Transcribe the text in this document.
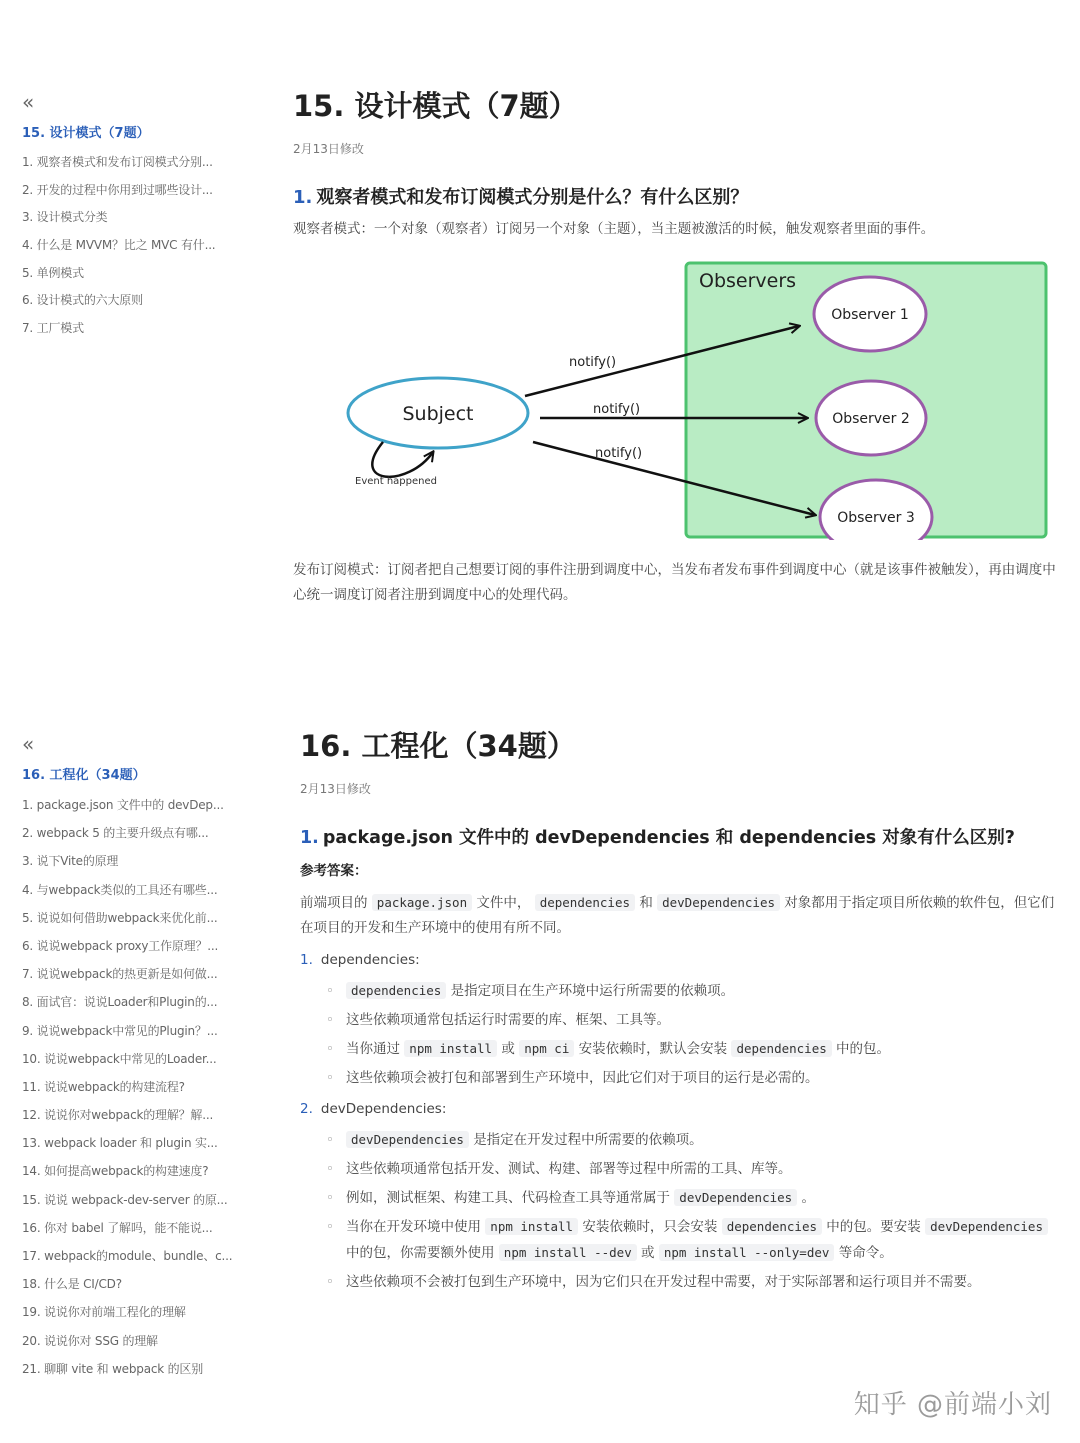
«
15. 设计模式（7题）
1. 观察者模式和发布订阅模式分别...
2. 开发的过程中你用到过哪些设计...
3. 设计模式分类
4. 什么是 MVVM？比之 MVC 有什...
5. 单例模式
6. 设计模式的六大原则
7. 工厂模式
15. 设计模式（7题）
2月13日修改
1. 观察者模式和发布订阅模式分别是什么？有什么区别？

观察者模式：一个对象（观察者）订阅另一个对象（主题），当主题被激活的时候，触发观察者里面的事件。

Observers
Observer 1
Observer 2
Observer 3
Subject
Event happened
notify()
notify()
notify()

发布订阅模式：订阅者把自己想要订阅的事件注册到调度中心，当发布者发布事件到调度中心（就是该事件被触发），再由调度中心统一调度订阅者注册到调度中心的处理代码。

«
16. 工程化（34题）
1. package.json 文件中的 devDep...
2. webpack 5 的主要升级点有哪...
3. 说下Vite的原理
4. 与webpack类似的工具还有哪些...
5. 说说如何借助webpack来优化前...
6. 说说webpack proxy工作原理？...
7. 说说webpack的热更新是如何做...
8. 面试官：说说Loader和Plugin的...
9. 说说webpack中常见的Plugin？...
10. 说说webpack中常见的Loader...
11. 说说webpack的构建流程?
12. 说说你对webpack的理解？解...
13. webpack loader 和 plugin 实...
14. 如何提高webpack的构建速度?
15. 说说 webpack-dev-server 的原...
16. 你对 babel 了解吗，能不能说...
17. webpack的module、bundle、c...
18. 什么是 CI/CD?
19. 说说你对前端工程化的理解
20. 说说你对 SSG 的理解
21. 聊聊 vite 和 webpack 的区别
16. 工程化（34题）
2月13日修改
1. package.json 文件中的 devDependencies 和 dependencies 对象有什么区别?

参考答案：

前端项目的 package.json 文件中， dependencies 和 devDependencies 对象都用于指定项目所依赖的软件包，但它们在项目的开发和生产环境中的使用有所不同。

1. dependencies:
◦ dependencies 是指定项目在生产环境中运行所需要的依赖项。
◦ 这些依赖项通常包括运行时需要的库、框架、工具等。
◦ 当你通过 npm install 或 npm ci 安装依赖时，默认会安装 dependencies 中的包。
◦ 这些依赖项会被打包和部署到生产环境中，因此它们对于项目的运行是必需的。
2. devDependencies:
◦ devDependencies 是指定在开发过程中所需要的依赖项。
◦ 这些依赖项通常包括开发、测试、构建、部署等过程中所需的工具、库等。
◦ 例如，测试框架、构建工具、代码检查工具等通常属于 devDependencies 。
◦ 当你在开发环境中使用 npm install 安装依赖时，只会安装 dependencies 中的包。要安装 devDependencies 中的包，你需要额外使用 npm install --dev 或 npm install --only=dev 等命令。
◦ 这些依赖项不会被打包到生产环境中，因为它们只在开发过程中需要，对于实际部署和运行项目并不需要。
知乎 @前端小刘
